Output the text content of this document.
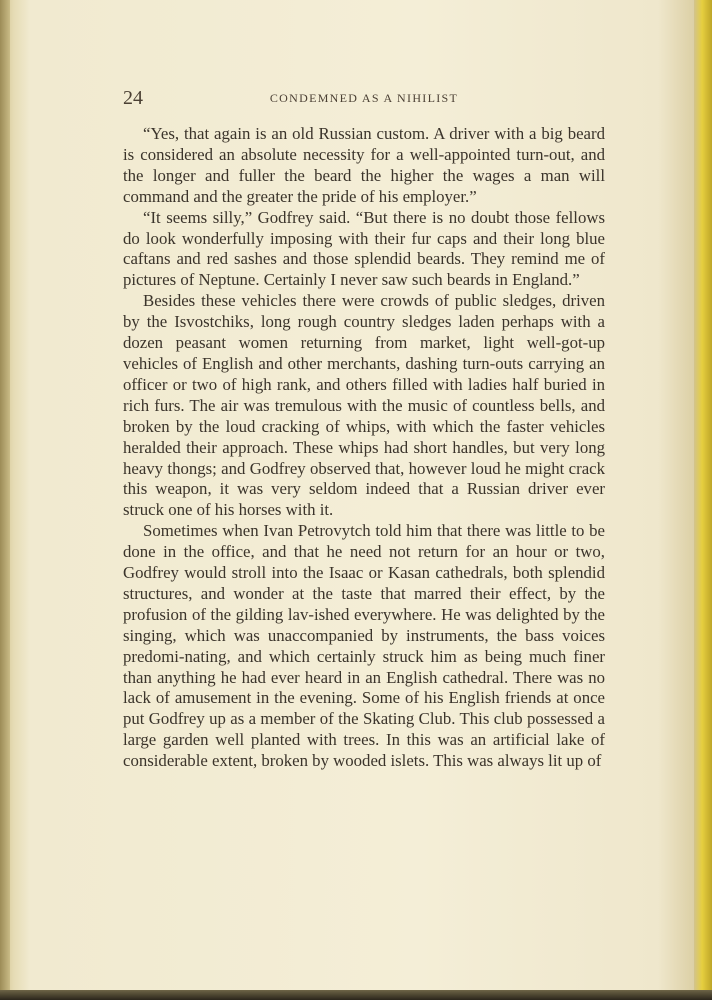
24	CONDEMNED AS A NIHILIST

“Yes, that again is an old Russian custom. A driver with a big beard is considered an absolute necessity for a well-appointed turn-out, and the longer and fuller the beard the higher the wages a man will command and the greater the pride of his employer.”

“It seems silly,” Godfrey said. “But there is no doubt those fellows do look wonderfully imposing with their fur caps and their long blue caftans and red sashes and those splendid beards. They remind me of pictures of Neptune. Certainly I never saw such beards in England.”

Besides these vehicles there were crowds of public sledges, driven by the Isvostchiks, long rough country sledges laden perhaps with a dozen peasant women returning from market, light well-got-up vehicles of English and other merchants, dashing turn-outs carrying an officer or two of high rank, and others filled with ladies half buried in rich furs. The air was tremulous with the music of countless bells, and broken by the loud cracking of whips, with which the faster vehicles heralded their approach. These whips had short handles, but very long heavy thongs; and Godfrey observed that, however loud he might crack this weapon, it was very seldom indeed that a Russian driver ever struck one of his horses with it.

Sometimes when Ivan Petrovytch told him that there was little to be done in the office, and that he need not return for an hour or two, Godfrey would stroll into the Isaac or Kasan cathedrals, both splendid structures, and wonder at the taste that marred their effect, by the profusion of the gilding lav-ished everywhere. He was delighted by the singing, which was unaccompanied by instruments, the bass voices predomi-nating, and which certainly struck him as being much finer than anything he had ever heard in an English cathedral. There was no lack of amusement in the evening. Some of his English friends at once put Godfrey up as a member of the Skating Club. This club possessed a large garden well planted with trees. In this was an artificial lake of considerable extent, broken by wooded islets. This was always lit up of
